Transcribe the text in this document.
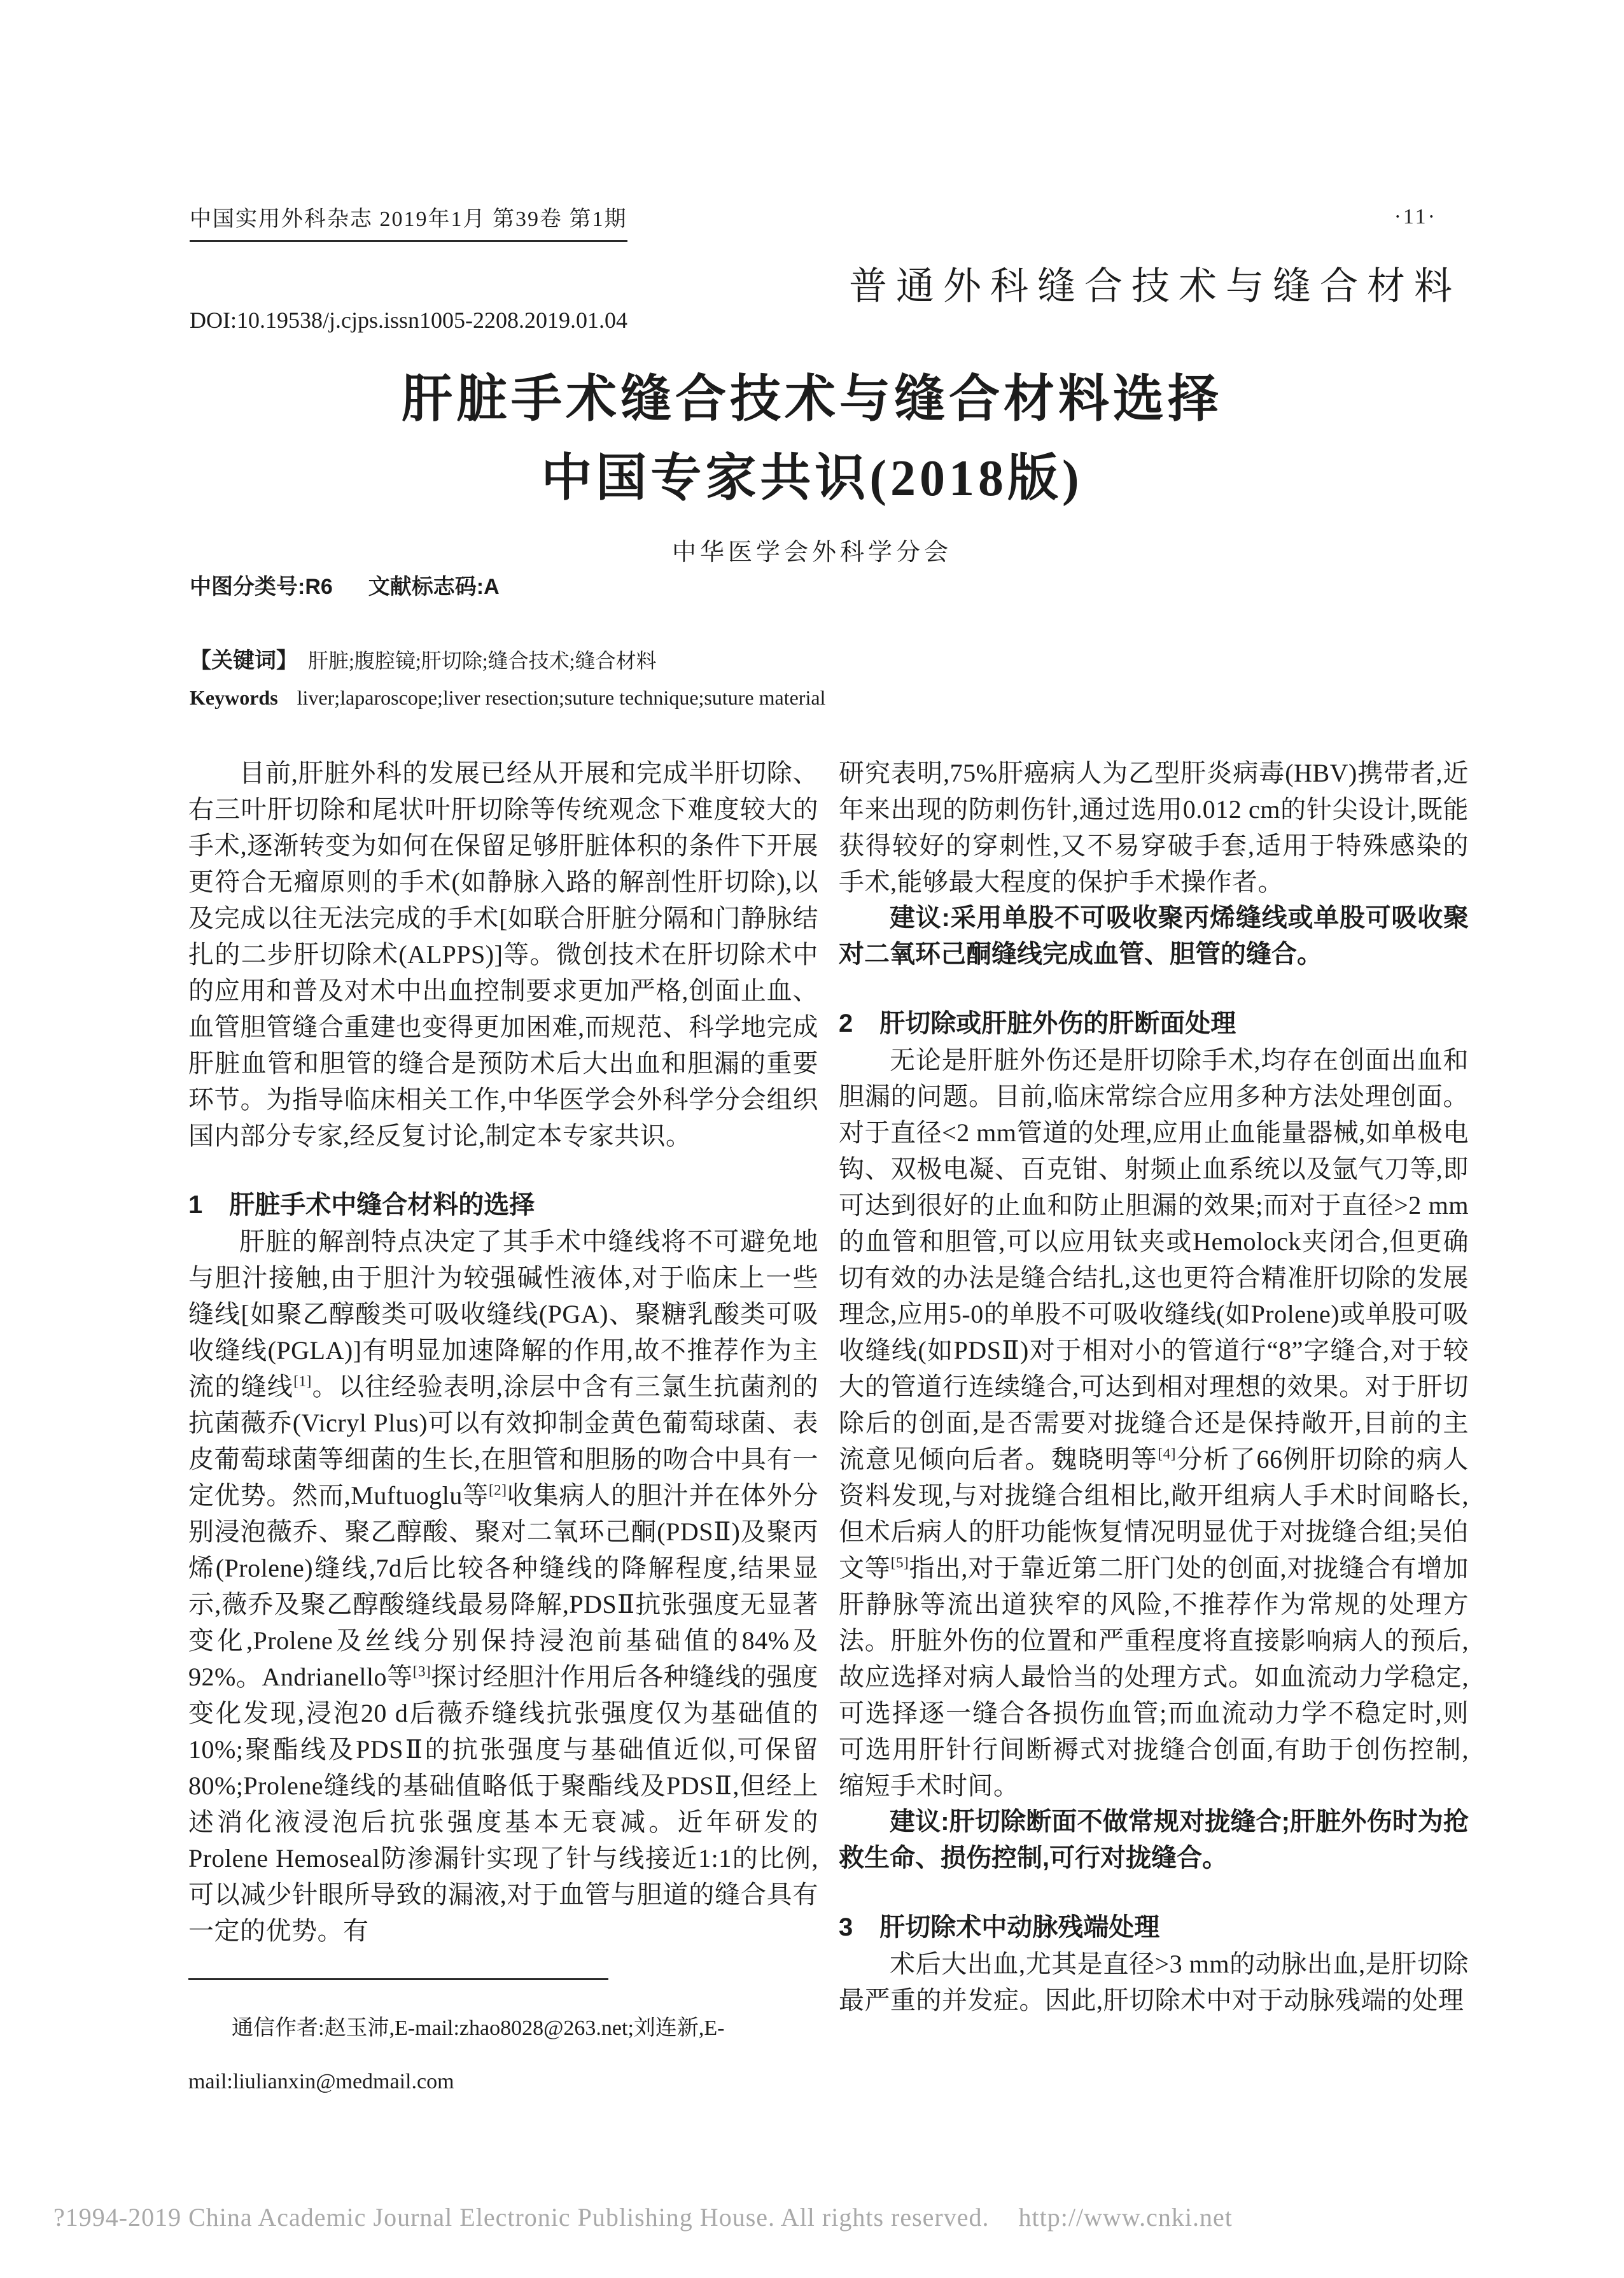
中国实用外科杂志 2019年1月 第39卷 第1期	·11·
普通外科缝合技术与缝合材料
DOI:10.19538/j.cjps.issn1005-2208.2019.01.04
肝脏手术缝合技术与缝合材料选择
中国专家共识(2018版)
中华医学会外科学分会
中图分类号:R6 文献标志码:A
【关键词】 肝脏;腹腔镜;肝切除;缝合技术;缝合材料
Keywords liver;laparoscope;liver resection;suture technique;suture material

目前,肝脏外科的发展已经从开展和完成半肝切除、右三叶肝切除和尾状叶肝切除等传统观念下难度较大的手术,逐渐转变为如何在保留足够肝脏体积的条件下开展更符合无瘤原则的手术(如静脉入路的解剖性肝切除),以及完成以往无法完成的手术[如联合肝脏分隔和门静脉结扎的二步肝切除术(ALPPS)]等。微创技术在肝切除术中的应用和普及对术中出血控制要求更加严格,创面止血、血管胆管缝合重建也变得更加困难,而规范、科学地完成肝脏血管和胆管的缝合是预防术后大出血和胆漏的重要环节。为指导临床相关工作,中华医学会外科学分会组织国内部分专家,经反复讨论,制定本专家共识。

1 肝脏手术中缝合材料的选择

肝脏的解剖特点决定了其手术中缝线将不可避免地与胆汁接触,由于胆汁为较强碱性液体,对于临床上一些缝线[如聚乙醇酸类可吸收缝线(PGA)、聚糖乳酸类可吸收缝线(PGLA)]有明显加速降解的作用,故不推荐作为主流的缝线[1]。以往经验表明,涂层中含有三氯生抗菌剂的抗菌薇乔(Vicryl Plus)可以有效抑制金黄色葡萄球菌、表皮葡萄球菌等细菌的生长,在胆管和胆肠的吻合中具有一定优势。然而,Muftuoglu等[2]收集病人的胆汁并在体外分别浸泡薇乔、聚乙醇酸、聚对二氧环己酮(PDSⅡ)及聚丙烯(Prolene)缝线,7d后比较各种缝线的降解程度,结果显示,薇乔及聚乙醇酸缝线最易降解,PDSⅡ抗张强度无显著变化,Prolene及丝线分别保持浸泡前基础值的84%及92%。Andrianello等[3]探讨经胆汁作用后各种缝线的强度变化发现,浸泡20 d后薇乔缝线抗张强度仅为基础值的10%;聚酯线及PDSⅡ的抗张强度与基础值近似,可保留80%;Prolene缝线的基础值略低于聚酯线及PDSⅡ,但经上述消化液浸泡后抗张强度基本无衰减。近年研发的Prolene Hemoseal防渗漏针实现了针与线接近1:1的比例,可以减少针眼所导致的漏液,对于血管与胆道的缝合具有一定的优势。有

研究表明,75%肝癌病人为乙型肝炎病毒(HBV)携带者,近年来出现的防刺伤针,通过选用0.012 cm的针尖设计,既能获得较好的穿刺性,又不易穿破手套,适用于特殊感染的手术,能够最大程度的保护手术操作者。

建议:采用单股不可吸收聚丙烯缝线或单股可吸收聚对二氧环己酮缝线完成血管、胆管的缝合。

2 肝切除或肝脏外伤的肝断面处理

无论是肝脏外伤还是肝切除手术,均存在创面出血和胆漏的问题。目前,临床常综合应用多种方法处理创面。对于直径<2 mm管道的处理,应用止血能量器械,如单极电钩、双极电凝、百克钳、射频止血系统以及氩气刀等,即可达到很好的止血和防止胆漏的效果;而对于直径>2 mm的血管和胆管,可以应用钛夹或Hemolock夹闭合,但更确切有效的办法是缝合结扎,这也更符合精准肝切除的发展理念,应用5-0的单股不可吸收缝线(如Prolene)或单股可吸收缝线(如PDSⅡ)对于相对小的管道行“8”字缝合,对于较大的管道行连续缝合,可达到相对理想的效果。对于肝切除后的创面,是否需要对拢缝合还是保持敞开,目前的主流意见倾向后者。魏晓明等[4]分析了66例肝切除的病人资料发现,与对拢缝合组相比,敞开组病人手术时间略长,但术后病人的肝功能恢复情况明显优于对拢缝合组;吴伯文等[5]指出,对于靠近第二肝门处的创面,对拢缝合有增加肝静脉等流出道狭窄的风险,不推荐作为常规的处理方法。肝脏外伤的位置和严重程度将直接影响病人的预后,故应选择对病人最恰当的处理方式。如血流动力学稳定,可选择逐一缝合各损伤血管;而血流动力学不稳定时,则可选用肝针行间断褥式对拢缝合创面,有助于创伤控制,缩短手术时间。

建议:肝切除断面不做常规对拢缝合;肝脏外伤时为抢救生命、损伤控制,可行对拢缝合。

3 肝切除术中动脉残端处理

术后大出血,尤其是直径>3 mm的动脉出血,是肝切除最严重的并发症。因此,肝切除术中对于动脉残端的处理

通信作者:赵玉沛,E-mail:zhao8028@263.net;刘连新,E-mail:liulianxin@medmail.com

?1994-2019 China Academic Journal Electronic Publishing House. All rights reserved. http://www.cnki.net
